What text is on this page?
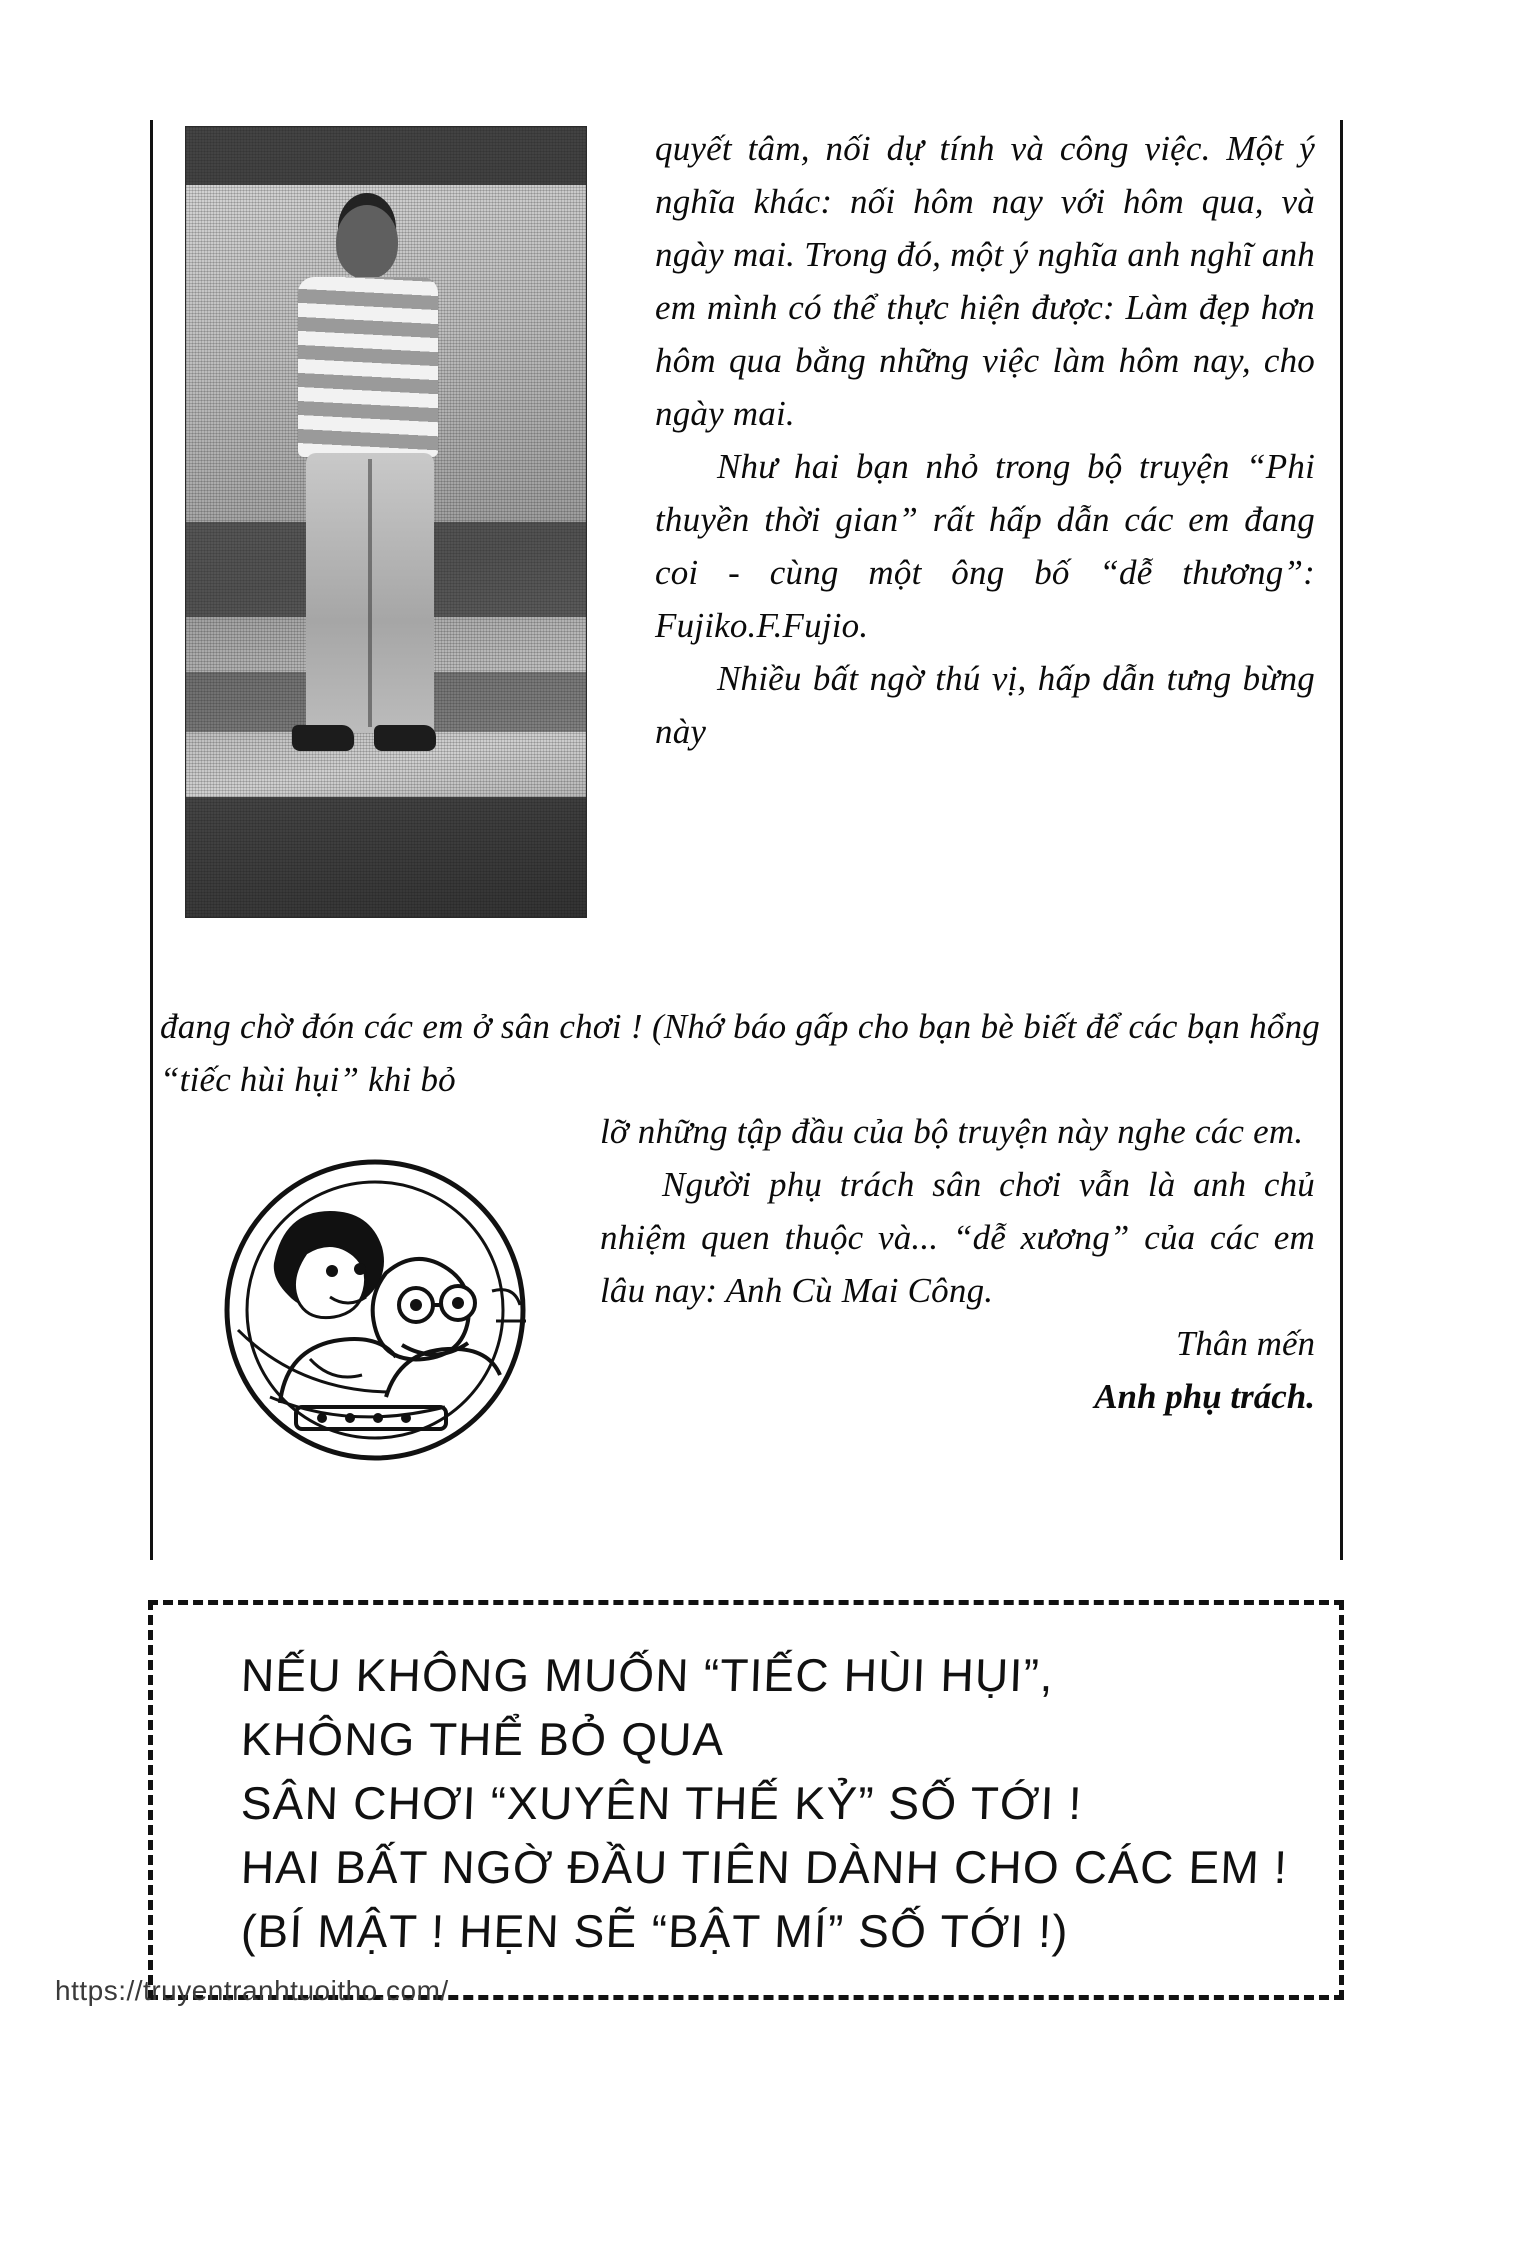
quyết tâm, nối dự tính và công việc. Một ý nghĩa khác: nối hôm nay với hôm qua, và ngày mai. Trong đó, một ý nghĩa anh nghĩ anh em mình có thể thực hiện được: Làm đẹp hơn hôm qua bằng những việc làm hôm nay, cho ngày mai.

Như hai bạn nhỏ trong bộ truyện “Phi thuyền thời gian” rất hấp dẫn các em đang coi - cùng một ông bố “dễ thương”: Fujiko.F.Fujio.

Nhiều bất ngờ thú vị, hấp dẫn tưng bừng này

đang chờ đón các em ở sân chơi ! (Nhớ báo gấp cho bạn bè biết để các bạn hổng “tiếc hùi hụi” khi bỏ

lỡ những tập đầu của bộ truyện này nghe các em.

Người phụ trách sân chơi vẫn là anh chủ nhiệm quen thuộc và... “dễ xương” của các em lâu nay: Anh Cù Mai Công.

Thân mến

Anh phụ trách.

NẾU KHÔNG MUỐN “TIẾC HÙI HỤI”,
KHÔNG THỂ BỎ QUA
SÂN CHƠI “XUYÊN THẾ KỶ” SỐ TỚI !
HAI BẤT NGỜ ĐẦU TIÊN DÀNH CHO CÁC EM !
(BÍ MẬT ! HẸN SẼ “BẬT MÍ” SỐ TỚI !)
https://truyentranhtuoitho.com/
